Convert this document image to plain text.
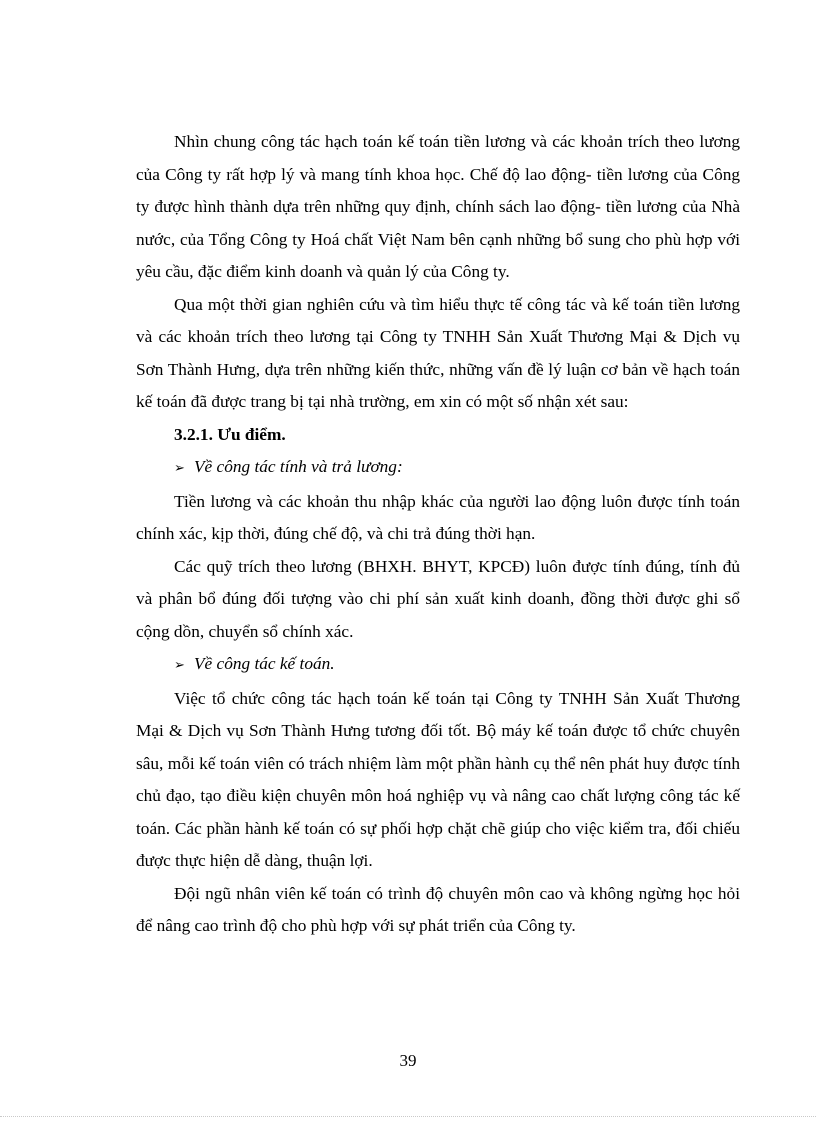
Nhìn chung công tác hạch toán kế toán tiền lương và các khoản trích theo lương của Công ty rất hợp lý và mang tính khoa học. Chế độ lao động- tiền lương của Công ty được hình thành dựa trên những quy định, chính sách lao động- tiền lương của Nhà nước, của Tổng Công ty Hoá chất Việt Nam bên cạnh những bổ sung cho phù hợp với yêu cầu, đặc điểm kinh doanh và quản lý của Công ty.

Qua một thời gian nghiên cứu và tìm hiểu thực tế công tác và kế toán tiền lương và các khoản trích theo lương tại Công ty TNHH Sản Xuất Thương Mại & Dịch vụ Sơn Thành Hưng, dựa trên những kiến thức, những vấn đề lý luận cơ bản về hạch toán kế toán đã được trang bị tại nhà trường, em xin có một số nhận xét sau:

3.2.1. Ưu điểm.

➢ Về công tác tính và trả lương:

Tiền lương và các khoản thu nhập khác của người lao động luôn được tính toán chính xác, kịp thời, đúng chế độ, và chi trả đúng thời hạn.

Các quỹ trích theo lương (BHXH. BHYT, KPCĐ) luôn được tính đúng, tính đủ và phân bổ đúng đối tượng vào chi phí sản xuất kinh doanh, đồng thời được ghi sổ cộng dồn, chuyển sổ chính xác.

➢ Về công tác kế toán.

Việc tổ chức công tác hạch toán kế toán tại Công ty TNHH Sản Xuất Thương Mại & Dịch vụ Sơn Thành Hưng tương đối tốt. Bộ máy kế toán được tổ chức chuyên sâu, mỗi kế toán viên có trách nhiệm làm một phần hành cụ thể nên phát huy được tính chủ đạo, tạo điều kiện chuyên môn hoá nghiệp vụ và nâng cao chất lượng công tác kế toán. Các phần hành kế toán có sự phối hợp chặt chẽ giúp cho việc kiểm tra, đối chiếu được thực hiện dễ dàng, thuận lợi.

Đội ngũ nhân viên kế toán có trình độ chuyên môn cao và không ngừng học hỏi để nâng cao trình độ cho phù hợp với sự phát triển của Công ty.

39
